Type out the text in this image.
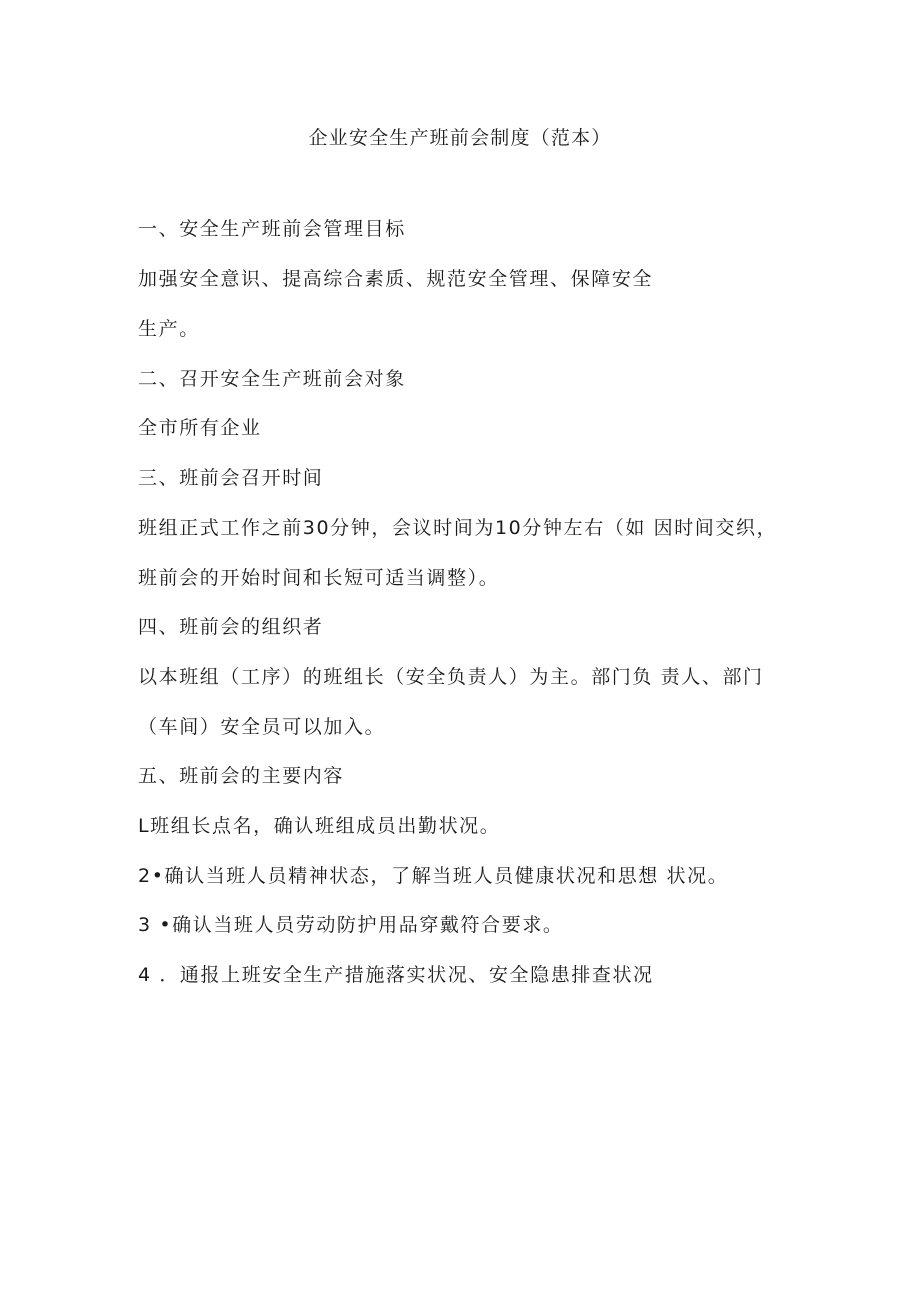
企业安全生产班前会制度（范本）
一、安全生产班前会管理目标
加强安全意识、提高综合素质、规范安全管理、保障安全
生产。
二、召开安全生产班前会对象
全市所有企业
三、班前会召开时间
班组正式工作之前30分钟，会议时间为10分钟左右（如 因时间交织，
班前会的开始时间和长短可适当调整）。
四、班前会的组织者
以本班组（工序）的班组长（安全负责人）为主。部门负 责人、部门
（车间）安全员可以加入。
五、班前会的主要内容
L班组长点名，确认班组成员出勤状况。
2•确认当班人员精神状态，了解当班人员健康状况和思想 状况。
3 •确认当班人员劳动防护用品穿戴符合要求。
4 ．通报上班安全生产措施落实状况、安全隐患排查状况
